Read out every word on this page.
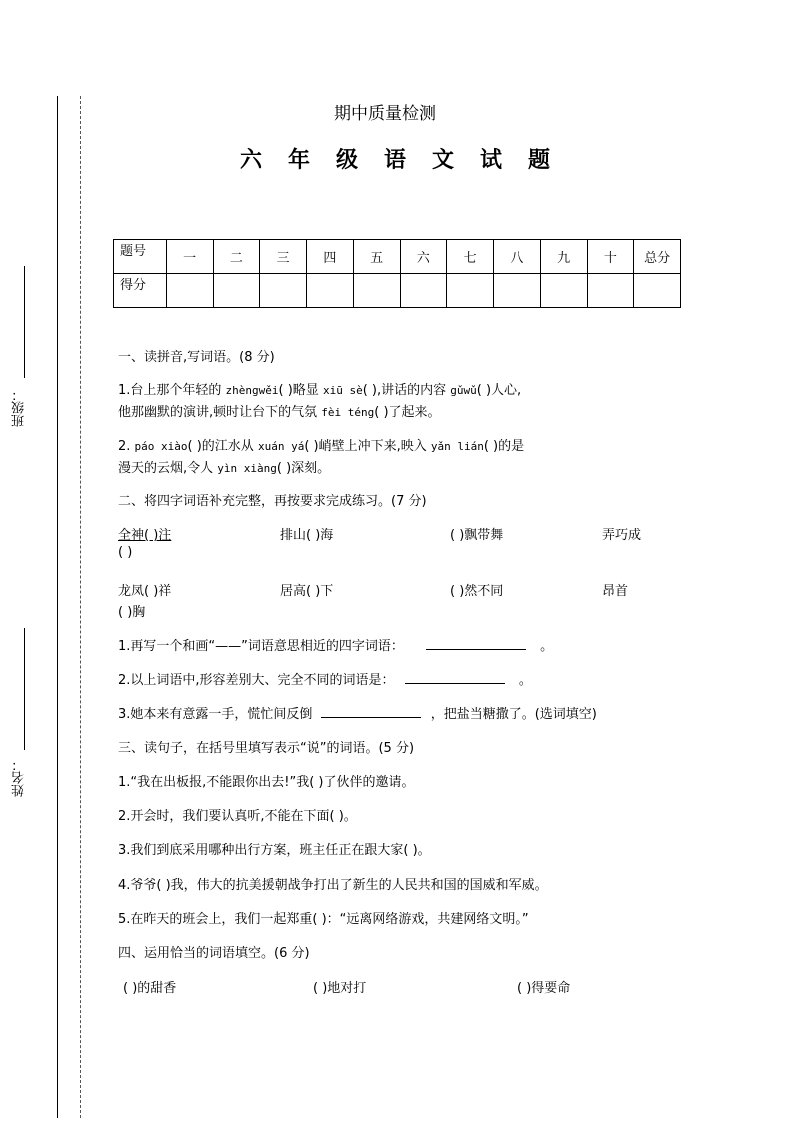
班级：
姓名：
期中质量检测
六年级语文试题
题号	一	二	三	四	五	六	七	八	九	十	总分
得分											
一、读拼音,写词语。(8 分)
1.台上那个年轻的 zhèngwěi( )略显 xiū sè( ),讲话的内容 gǔwǔ( )人心,
他那幽默的演讲,顿时让台下的气氛 fèi téng( )了起来。
2. páo xiào( )的江水从 xuán yá( )峭壁上冲下来,映入 yǎn lián( )的是
漫天的云烟,令人 yìn xiàng( )深刻。
二、将四字词语补充完整，再按要求完成练习。(7 分)
全神( )注	排山( )海	( )飘带舞	弄巧成
( )
龙凤( )祥	居高( )下	( )然不同	昂首
( )胸
1.再写一个和画“——”词语意思相近的四字词语：	。
2.以上词语中,形容差别大、完全不同的词语是：	。
3.她本来有意露一手，慌忙间反倒	，把盐当糖撒了。(选词填空)
三、读句子，在括号里填写表示“说”的词语。(5 分)
1.“我在出板报,不能跟你出去!”我( )了伙伴的邀请。
2.开会时，我们要认真听,不能在下面( )。
3.我们到底采用哪种出行方案，班主任正在跟大家( )。
4.爷爷( )我，伟大的抗美援朝战争打出了新生的人民共和国的国威和军威。
5.在昨天的班会上，我们一起郑重( )：“远离网络游戏，共建网络文明。”
四、运用恰当的词语填空。(6 分)
( )的甜香	( )地对打	( )得要命
